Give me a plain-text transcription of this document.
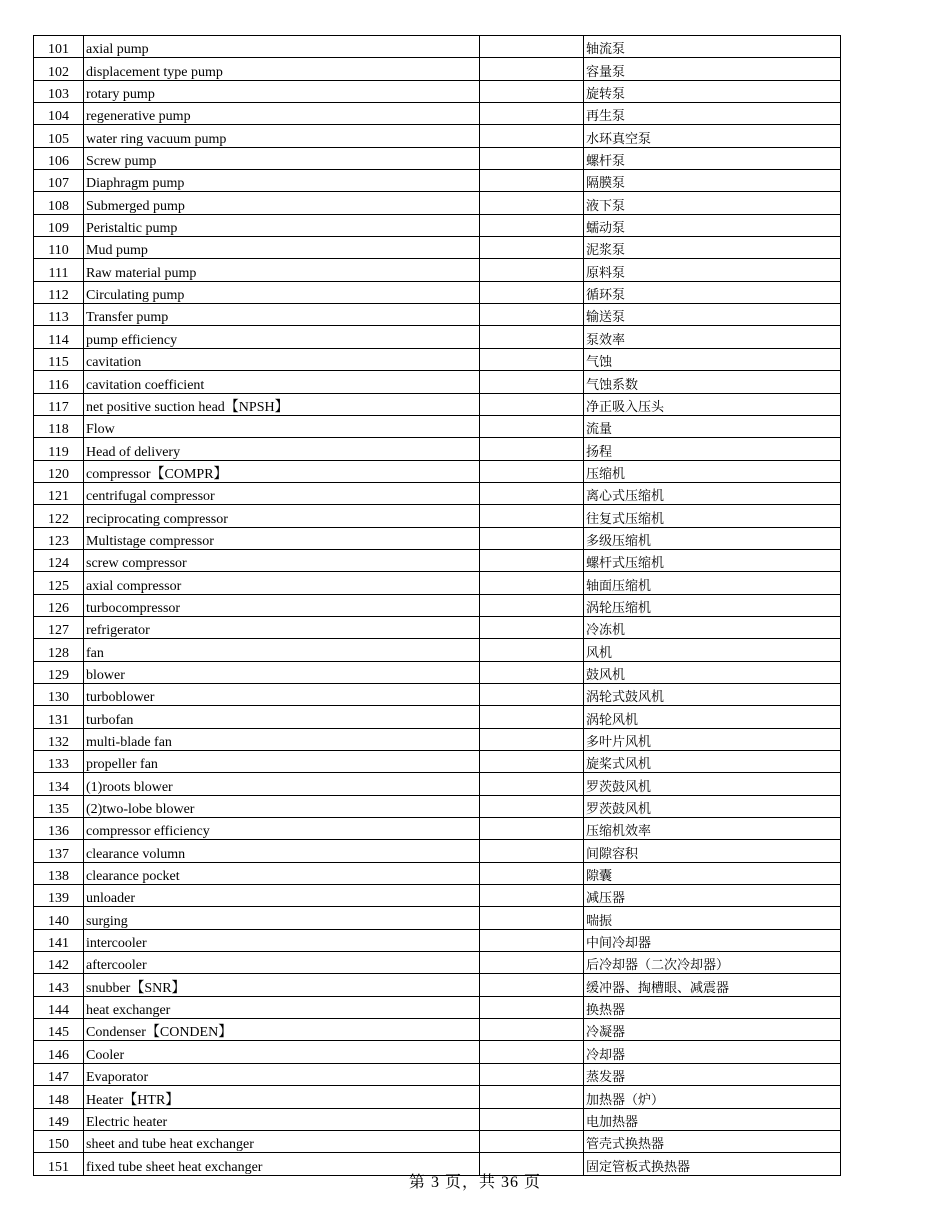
101	axial pump		轴流泵
102	displacement type pump		容量泵
103	rotary pump		旋转泵
104	regenerative pump		再生泵
105	water ring vacuum pump		水环真空泵
106	Screw pump		螺杆泵
107	Diaphragm pump		隔膜泵
108	Submerged pump		液下泵
109	Peristaltic pump		蠕动泵
110	Mud pump		泥浆泵
111	Raw material pump		原料泵
112	Circulating pump		循环泵
113	Transfer pump		输送泵
114	pump efficiency		泵效率
115	cavitation		气蚀
116	cavitation coefficient		气蚀系数
117	net positive suction head【NPSH】		净正吸入压头
118	Flow		流量
119	Head of delivery		扬程
120	compressor【COMPR】		压缩机
121	centrifugal compressor		离心式压缩机
122	reciprocating compressor		往复式压缩机
123	Multistage compressor		多级压缩机
124	screw compressor		螺杆式压缩机
125	axial compressor		轴面压缩机
126	turbocompressor		涡轮压缩机
127	refrigerator		冷冻机
128	fan		风机
129	blower		鼓风机
130	turboblower		涡轮式鼓风机
131	turbofan		涡轮风机
132	multi-blade fan		多叶片风机
133	propeller fan		旋桨式风机
134	(1)roots blower		罗茨鼓风机
135	(2)two-lobe blower		罗茨鼓风机
136	compressor efficiency		压缩机效率
137	clearance volumn		间隙容积
138	clearance pocket		隙囊
139	unloader		减压器
140	surging		喘振
141	intercooler		中间冷却器
142	aftercooler		后冷却器（二次冷却器）
143	snubber【SNR】		缓冲器、掏槽眼、减震器
144	heat exchanger		换热器
145	Condenser【CONDEN】		冷凝器
146	Cooler		冷却器
147	Evaporator		蒸发器
148	Heater【HTR】		加热器（炉）
149	Electric heater		电加热器
150	sheet and tube heat exchanger		管壳式换热器
151	fixed tube sheet heat exchanger		固定管板式换热器
第 3 页，共 36 页
